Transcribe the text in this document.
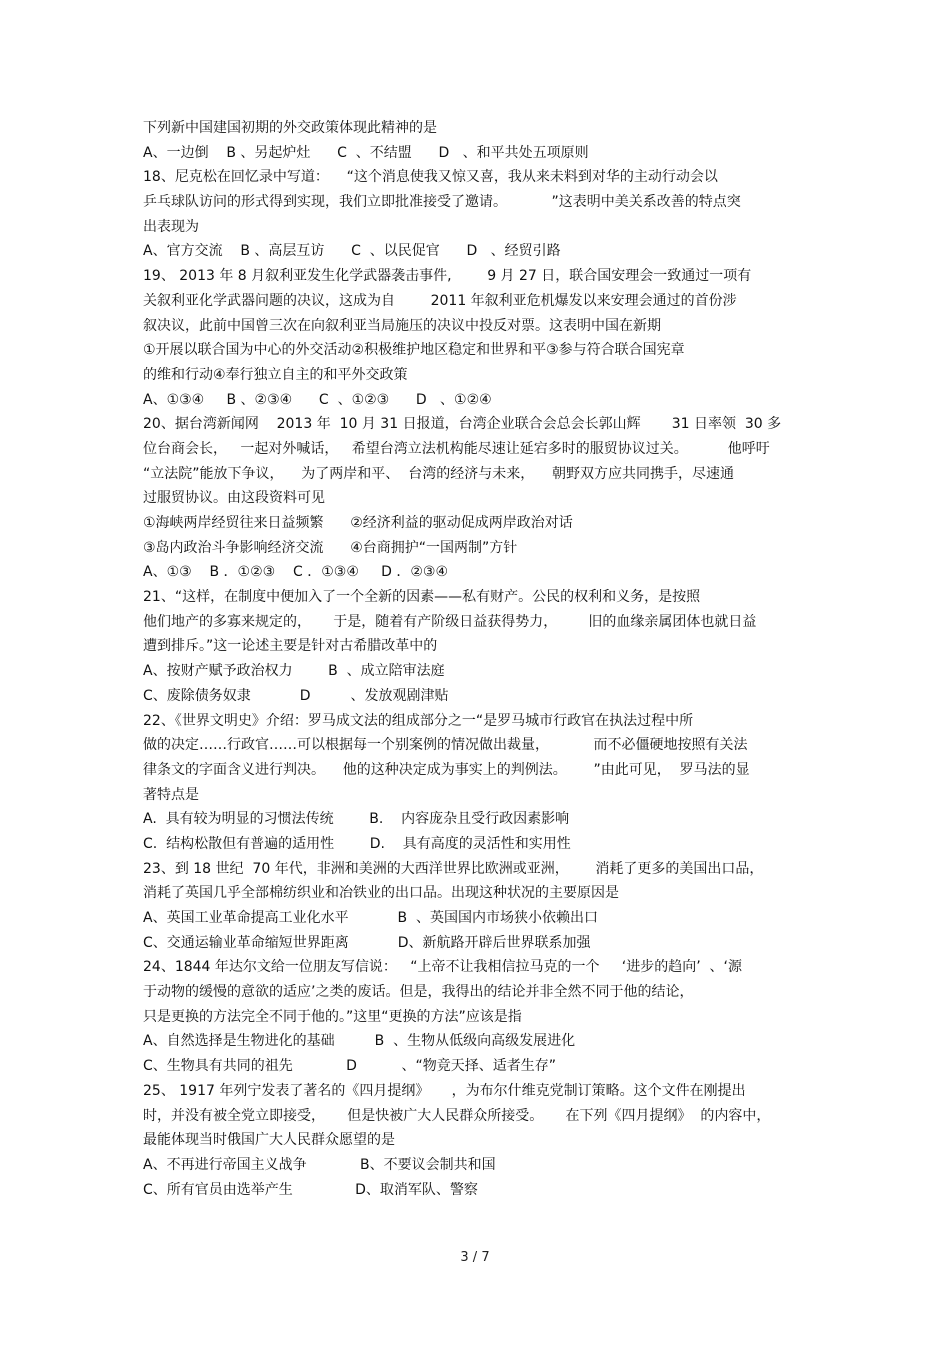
下列新中国建国初期的外交政策体现此精神的是
A、一边倒    B 、另起炉灶      C  、不结盟      D   、和平共处五项原则
18、尼克松在回忆录中写道：    “这个消息使我又惊又喜，我从来未料到对华的主动行动会以
乒乓球队访问的形式得到实现，我们立即批准接受了邀请。          ”这表明中美关系改善的特点突
出表现为
A、官方交流    B 、高层互访      C  、以民促官      D   、经贸引路
19、 2013 年 8 月叙利亚发生化学武器袭击事件,        9 月 27 日，联合国安理会一致通过一项有
关叙利亚化学武器问题的决议，这成为自        2011 年叙利亚危机爆发以来安理会通过的首份涉
叙决议，此前中国曾三次在向叙利亚当局施压的决议中投反对票。这表明中国在新期
①开展以联合国为中心的外交活动②积极维护地区稳定和世界和平③参与符合联合国宪章
的维和行动④奉行独立自主的和平外交政策
A、①③④     B 、②③④      C  、①②③      D   、①②④
20、据台湾新闻网    2013 年  10 月 31 日报道，台湾企业联合会总会长郭山辉       31 日率领  30 多
位台商会长，   一起对外喊话，   希望台湾立法机构能尽速让延宕多时的服贸协议过关。         他呼吁
“立法院”能放下争议，    为了两岸和平、  台湾的经济与未来，    朝野双方应共同携手，尽速通
过服贸协议。由这段资料可见
①海峡两岸经贸往来日益频繁      ②经济利益的驱动促成两岸政治对话
③岛内政治斗争影响经济交流      ④台商拥护“一国两制”方针
A、①③    B ．①②③    C ．①③④     D ．②③④
21、“这样，在制度中便加入了一个全新的因素——私有财产。公民的权利和义务，是按照
他们地产的多寡来规定的，     于是，随着有产阶级日益获得势力，       旧的血缘亲属团体也就日益
遭到排斥。”这一论述主要是针对古希腊改革中的
A、按财产赋予政治权力        B  、成立陪审法庭
C、废除债务奴隶           D         、发放观剧津贴
22、《世界文明史》介绍：罗马成文法的组成部分之一“是罗马城市行政官在执法过程中所
做的决定……行政官……可以根据每一个别案例的情况做出裁量，          而不必僵硬地按照有关法
律条文的字面含义进行判决。    他的这种决定成为事实上的判例法。      ”由此可见，  罗马法的显
著特点是
A.  具有较为明显的习惯法传统        B.    内容庞杂且受行政因素影响
C.  结构松散但有普遍的适用性        D.    具有高度的灵活性和实用性
23、到 18 世纪  70 年代，非洲和美洲的大西洋世界比欧洲或亚洲，      消耗了更多的美国出口品，
消耗了英国几乎全部棉纺织业和冶铁业的出口品。出现这种状况的主要原因是
A、英国工业革命提高工业化水平           B  、英国国内市场狭小依赖出口
C、交通运输业革命缩短世界距离           D、新航路开辟后世界联系加强
24、1844 年达尔文给一位朋友写信说：   “上帝不让我相信拉马克的一个     ‘进步的趋向’  、‘源
于动物的缓慢的意欲的适应’之类的废话。但是，我得出的结论并非全然不同于他的结论，
只是更换的方法完全不同于他的。”这里“更换的方法”应该是指
A、自然选择是生物进化的基础         B  、生物从低级向高级发展进化
C、生物具有共同的祖先            D          、“物竞天择、适者生存”
25、 1917 年列宁发表了著名的《四月提纲》     ，为布尔什维克党制订策略。这个文件在刚提出
时，并没有被全党立即接受，     但是快被广大人民群众所接受。     在下列《四月提纲》  的内容中，
最能体现当时俄国广大人民群众愿望的是
A、不再进行帝国主义战争            B、不要议会制共和国
C、所有官员由选举产生              D、取消军队、警察
3 / 7
